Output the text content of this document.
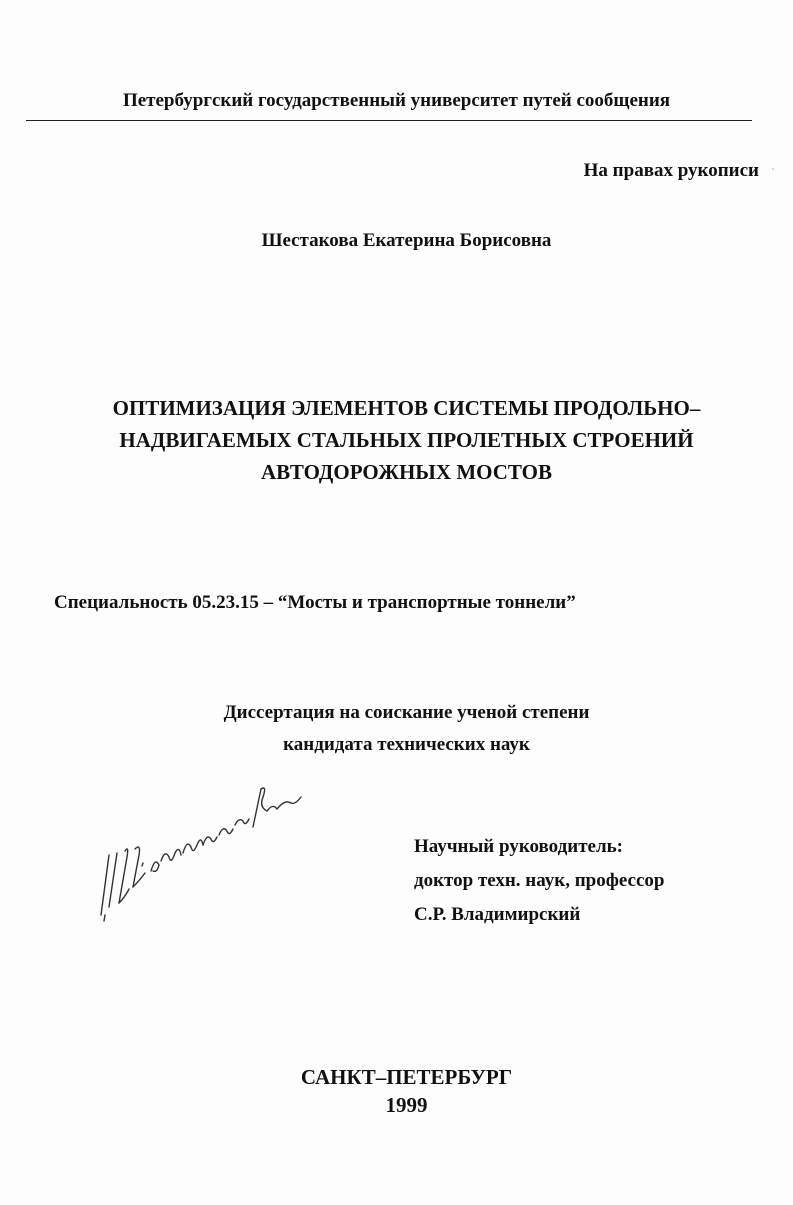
Петербургский государственный университет путей сообщения

На правах рукописи

Шестакова Екатерина Борисовна

ОПТИМИЗАЦИЯ ЭЛЕМЕНТОВ СИСТЕМЫ ПРОДОЛЬНО–
НАДВИГАЕМЫХ СТАЛЬНЫХ ПРОЛЕТНЫХ СТРОЕНИЙ
АВТОДОРОЖНЫХ МОСТОВ

Специальность 05.23.15 – “Мосты и транспортные тоннели”

Диссертация на соискание ученой степени
кандидата технических наук

Научный руководитель:
доктор техн. наук, профессор
С.Р. Владимирский

САНКТ–ПЕТЕРБУРГ
1999
